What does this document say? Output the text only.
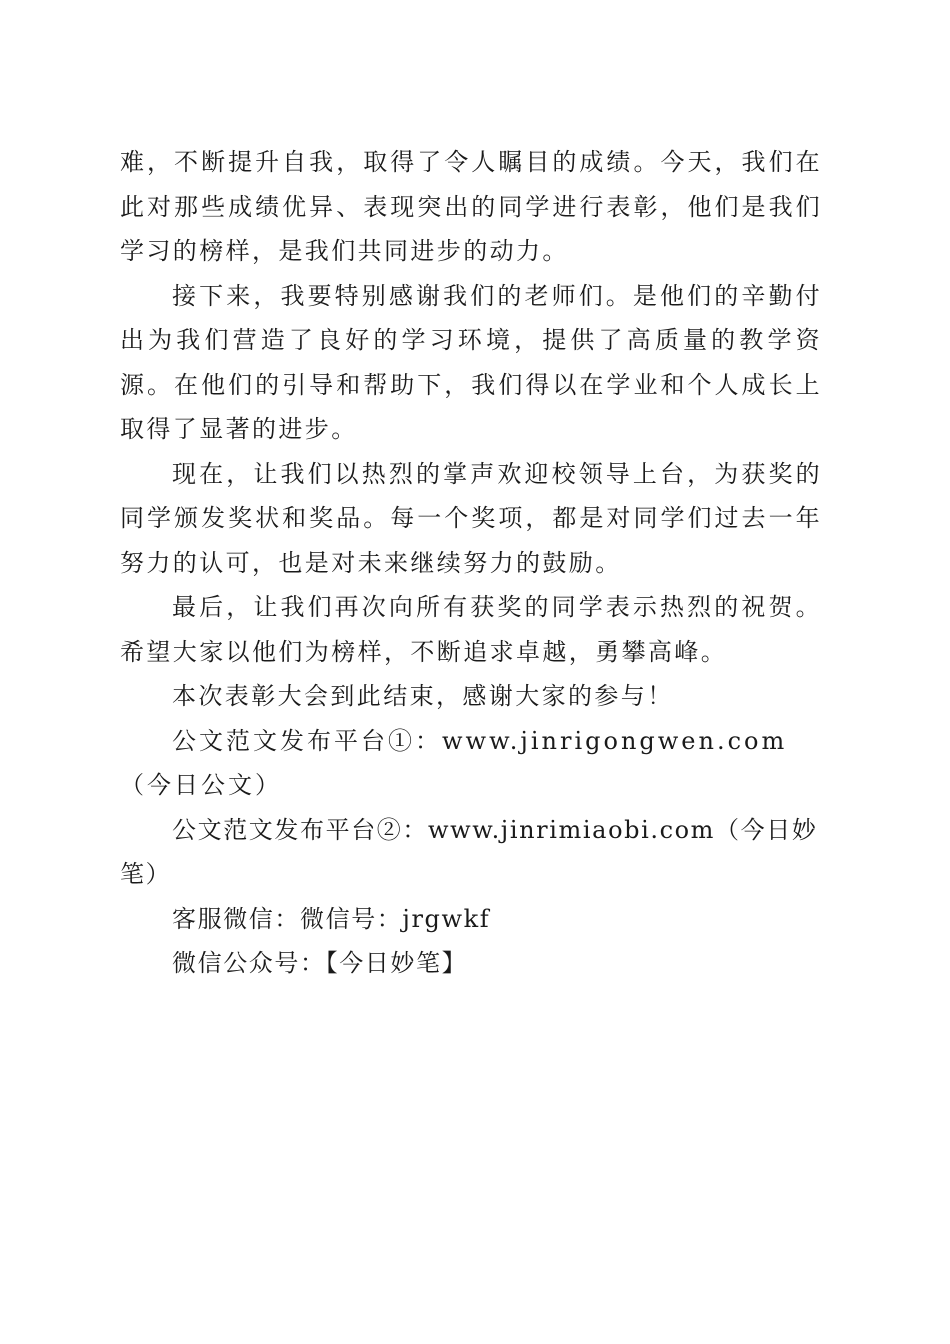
难，不断提升自我，取得了令人瞩目的成绩。今天，我们在此对那些成绩优异、表现突出的同学进行表彰，他们是我们学习的榜样，是我们共同进步的动力。

接下来，我要特别感谢我们的老师们。是他们的辛勤付出为我们营造了良好的学习环境，提供了高质量的教学资源。在他们的引导和帮助下，我们得以在学业和个人成长上取得了显著的进步。

现在，让我们以热烈的掌声欢迎校领导上台，为获奖的同学颁发奖状和奖品。每一个奖项，都是对同学们过去一年努力的认可，也是对未来继续努力的鼓励。

最后，让我们再次向所有获奖的同学表示热烈的祝贺。希望大家以他们为榜样，不断追求卓越，勇攀高峰。

本次表彰大会到此结束，感谢大家的参与！

公文范文发布平台①：www.jinrigongwen.com（今日公文）

公文范文发布平台②：www.jinrimiaobi.com（今日妙笔）

客服微信：微信号：jrgwkf

微信公众号：【今日妙笔】
